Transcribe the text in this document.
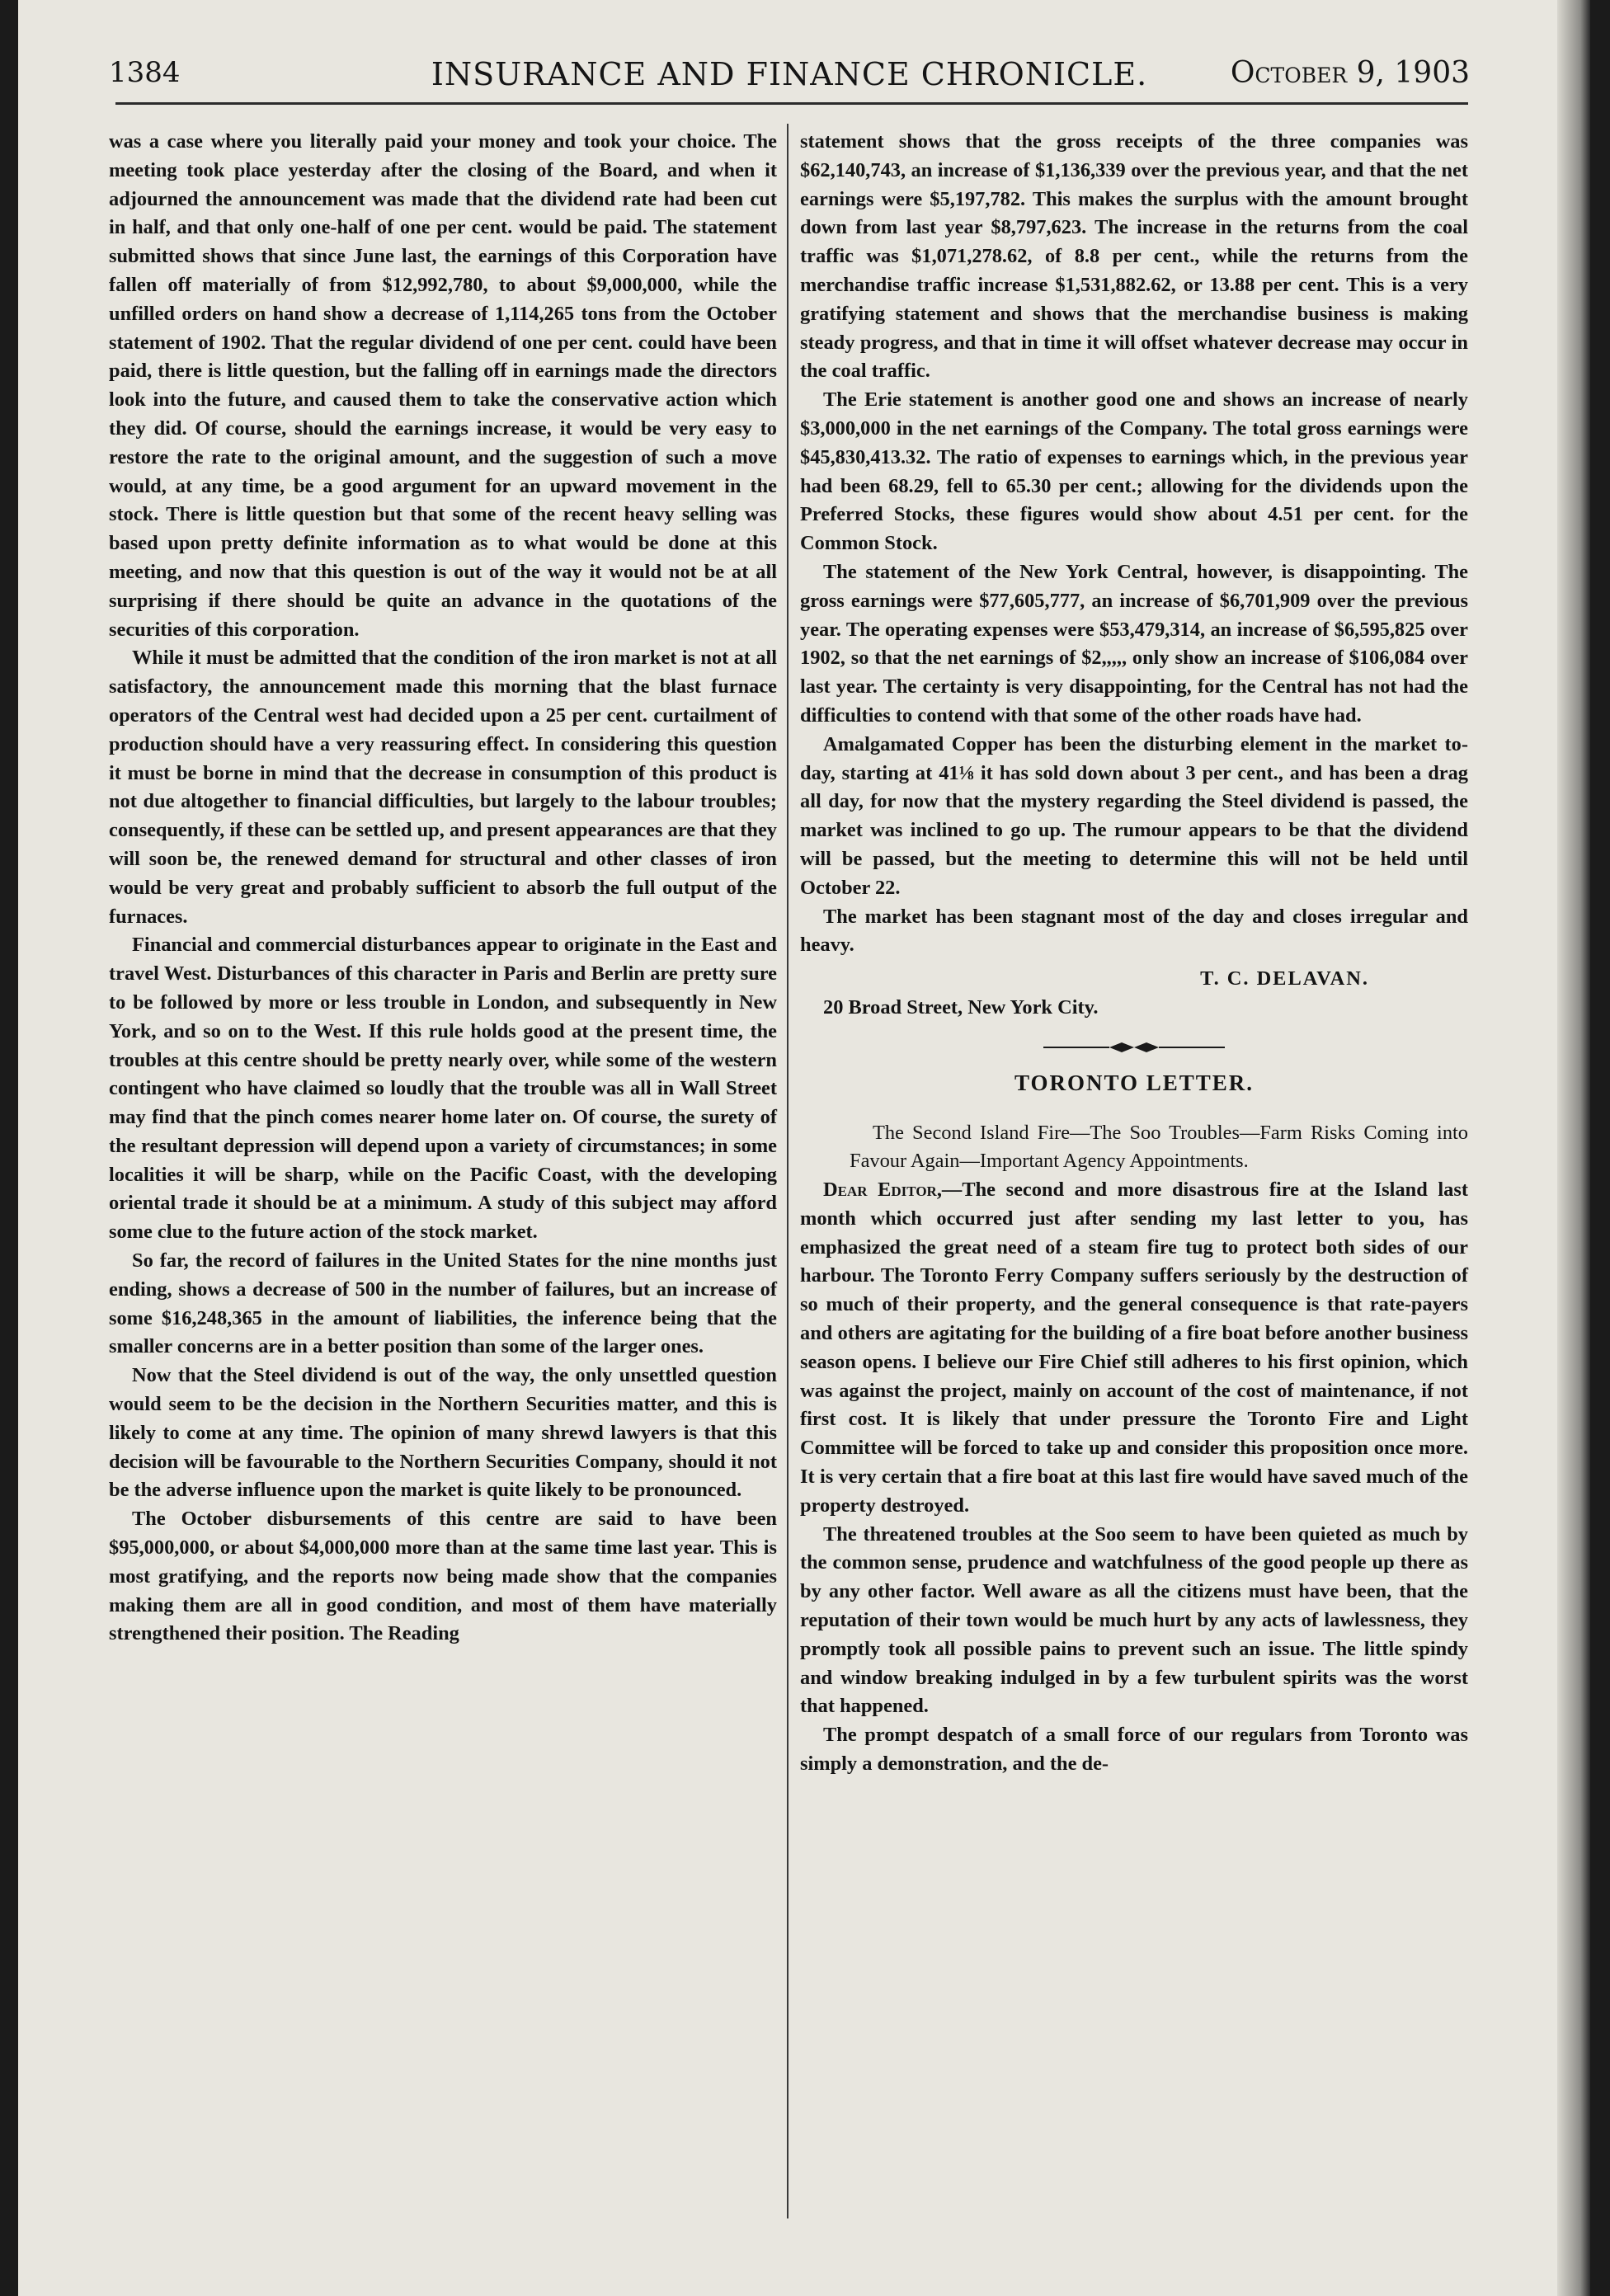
1384	INSURANCE AND FINANCE CHRONICLE.	October 9, 1903

was a case where you literally paid your money and took your choice. The meeting took place yesterday after the closing of the Board, and when it adjourned the announcement was made that the dividend rate had been cut in half, and that only one-half of one per cent. would be paid. The statement submitted shows that since June last, the earnings of this Corporation have fallen off materially of from $12,992,780, to about $9,000,000, while the unfilled orders on hand show a decrease of 1,114,265 tons from the October statement of 1902. That the regular dividend of one per cent. could have been paid, there is little question, but the falling off in earnings made the directors look into the future, and caused them to take the conservative action which they did. Of course, should the earnings increase, it would be very easy to restore the rate to the original amount, and the suggestion of such a move would, at any time, be a good argument for an upward movement in the stock. There is little question but that some of the recent heavy selling was based upon pretty definite information as to what would be done at this meeting, and now that this question is out of the way it would not be at all surprising if there should be quite an advance in the quotations of the securities of this corporation.

While it must be admitted that the condition of the iron market is not at all satisfactory, the announcement made this morning that the blast furnace operators of the Central west had decided upon a 25 per cent. curtailment of production should have a very reassuring effect. In considering this question it must be borne in mind that the decrease in consumption of this product is not due altogether to financial difficulties, but largely to the labour troubles; consequently, if these can be settled up, and present appearances are that they will soon be, the renewed demand for structural and other classes of iron would be very great and probably sufficient to absorb the full output of the furnaces.

Financial and commercial disturbances appear to originate in the East and travel West. Disturbances of this character in Paris and Berlin are pretty sure to be followed by more or less trouble in London, and subsequently in New York, and so on to the West. If this rule holds good at the present time, the troubles at this centre should be pretty nearly over, while some of the western contingent who have claimed so loudly that the trouble was all in Wall Street may find that the pinch comes nearer home later on. Of course, the surety of the resultant depression will depend upon a variety of circumstances; in some localities it will be sharp, while on the Pacific Coast, with the developing oriental trade it should be at a minimum. A study of this subject may afford some clue to the future action of the stock market.

So far, the record of failures in the United States for the nine months just ending, shows a decrease of 500 in the number of failures, but an increase of some $16,248,365 in the amount of liabilities, the inference being that the smaller concerns are in a better position than some of the larger ones.

Now that the Steel dividend is out of the way, the only unsettled question would seem to be the decision in the Northern Securities matter, and this is likely to come at any time. The opinion of many shrewd lawyers is that this decision will be favourable to the Northern Securities Company, should it not be the adverse influence upon the market is quite likely to be pronounced.

The October disbursements of this centre are said to have been $95,000,000, or about $4,000,000 more than at the same time last year. This is most gratifying, and the reports now being made show that the companies making them are all in good condition, and most of them have materially strengthened their position. The Reading

statement shows that the gross receipts of the three companies was $62,140,743, an increase of $1,136,339 over the previous year, and that the net earnings were $5,197,782. This makes the surplus with the amount brought down from last year $8,797,623. The increase in the returns from the coal traffic was $1,071,278.62, of 8.8 per cent., while the returns from the merchandise traffic increase $1,531,882.62, or 13.88 per cent. This is a very gratifying statement and shows that the merchandise business is making steady progress, and that in time it will offset whatever decrease may occur in the coal traffic.

The Erie statement is another good one and shows an increase of nearly $3,000,000 in the net earnings of the Company. The total gross earnings were $45,830,413.32. The ratio of expenses to earnings which, in the previous year had been 68.29, fell to 65.30 per cent.; allowing for the dividends upon the Preferred Stocks, these figures would show about 4.51 per cent. for the Common Stock.

The statement of the New York Central, however, is disappointing. The gross earnings were $77,605,777, an increase of $6,701,909 over the previous year. The operating expenses were $53,479,314, an increase of $6,595,825 over 1902, so that the net earnings of $2,,,,, only show an increase of $106,084 over last year. The certainty is very disappointing, for the Central has not had the difficulties to contend with that some of the other roads have had.

Amalgamated Copper has been the disturbing element in the market to-day, starting at 41⅛ it has sold down about 3 per cent., and has been a drag all day, for now that the mystery regarding the Steel dividend is passed, the market was inclined to go up. The rumour appears to be that the dividend will be passed, but the meeting to determine this will not be held until October 22.

The market has been stagnant most of the day and closes irregular and heavy.

T. C. DELAVAN.

20 Broad Street, New York City.

TORONTO LETTER.

The Second Island Fire—The Soo Troubles—Farm Risks Coming into Favour Again—Important Agency Appointments.

Dear Editor,—The second and more disastrous fire at the Island last month which occurred just after sending my last letter to you, has emphasized the great need of a steam fire tug to protect both sides of our harbour. The Toronto Ferry Company suffers seriously by the destruction of so much of their property, and the general consequence is that rate-payers and others are agitating for the building of a fire boat before another business season opens. I believe our Fire Chief still adheres to his first opinion, which was against the project, mainly on account of the cost of maintenance, if not first cost. It is likely that under pressure the Toronto Fire and Light Committee will be forced to take up and consider this proposition once more. It is very certain that a fire boat at this last fire would have saved much of the property destroyed.

The threatened troubles at the Soo seem to have been quieted as much by the common sense, prudence and watchfulness of the good people up there as by any other factor. Well aware as all the citizens must have been, that the reputation of their town would be much hurt by any acts of lawlessness, they promptly took all possible pains to prevent such an issue. The little spindy and window breaking indulged in by a few turbulent spirits was the worst that happened.

The prompt despatch of a small force of our regulars from Toronto was simply a demonstration, and the de-
